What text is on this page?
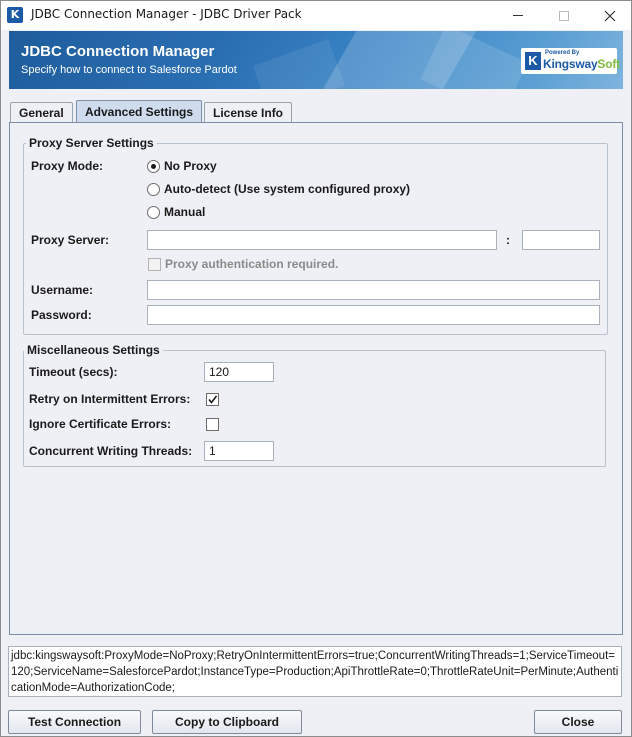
K JDBC Connection Manager - JDBC Driver Pack
JDBC Connection Manager
Specify how to connect to Salesforce Pardot
K	Powered By
KingswaySoft
General	Advanced Settings	License Info
Proxy Server Settings
Proxy Mode:	No Proxy
Auto-detect (Use system configured proxy)
Manual
Proxy Server:	:
Proxy authentication required.
Username:
Password:
Miscellaneous Settings
Timeout (secs):	120
Retry on Intermittent Errors:
Ignore Certificate Errors:
Concurrent Writing Threads:	1
jdbc:kingswaysoft:ProxyMode=NoProxy;RetryOnIntermittentErrors=true;ConcurrentWritingThreads=1;ServiceTimeout=120;ServiceName=SalesforcePardot;InstanceType=Production;ApiThrottleRate=0;ThrottleRateUnit=PerMinute;AuthenticationMode=AuthorizationCode;
Test Connection	Copy to Clipboard	Close
